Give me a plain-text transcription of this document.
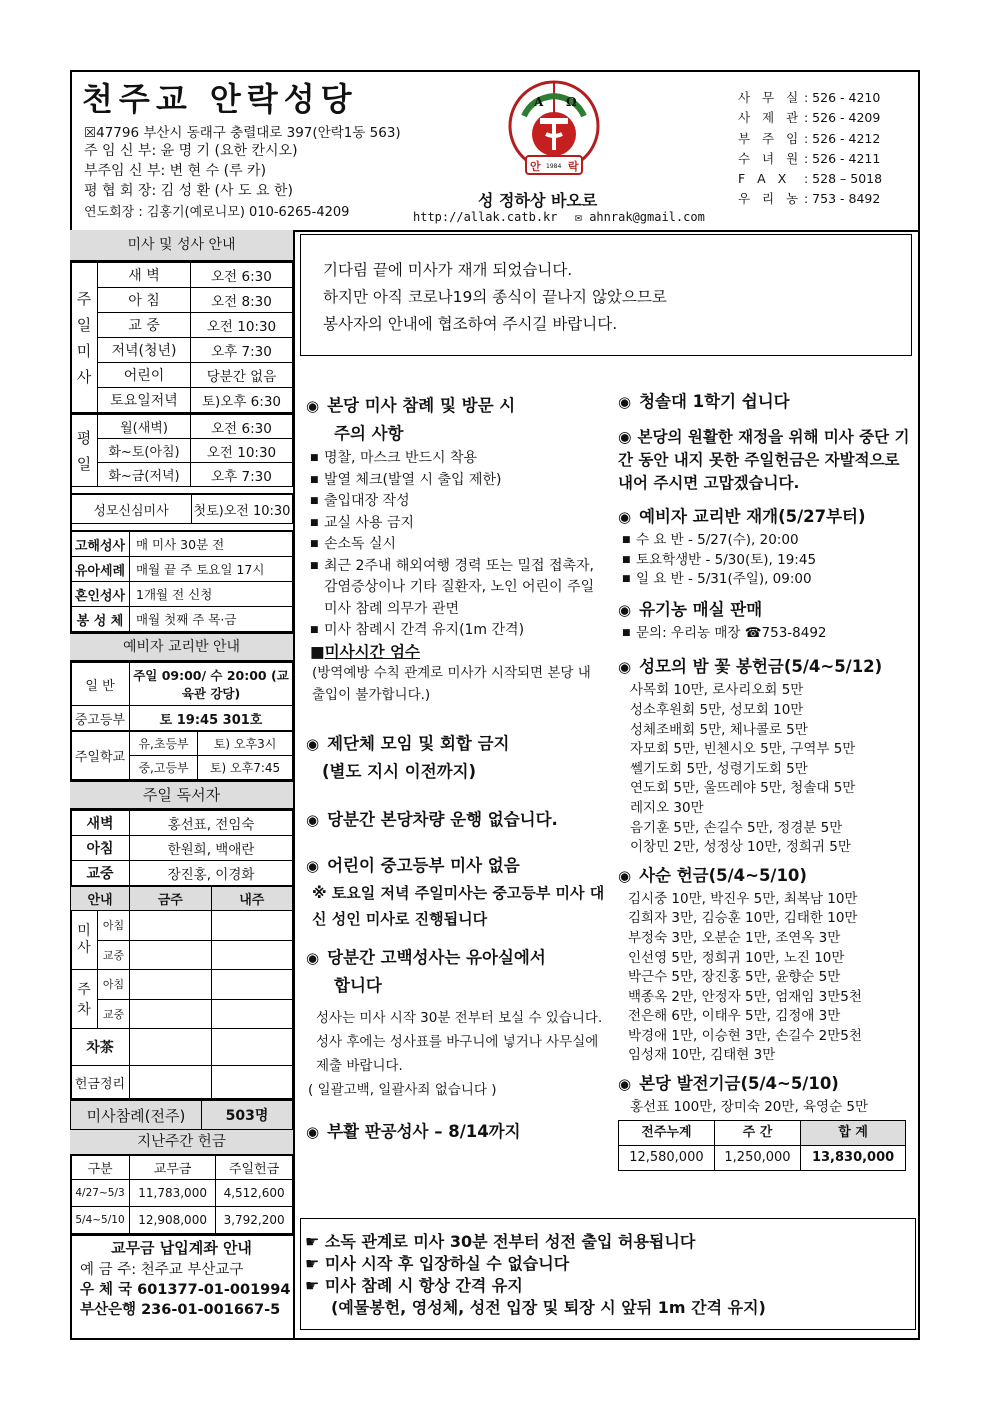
천주교 안락성당
☒47796 부산시 동래구 충렬대로 397(안락1동 563)
주 임 신 부: 윤 명 기 (요한 칸시오)
부주임 신 부: 변 현 수 (루 카)
평 협 회 장: 김 성 환 (사 도 요 한)
연도회장 : 김홍기(예로니모) 010-6265-4209
A Ω
안 락
1984
성 정하상 바오로
http://allak.catb.kr ✉ ahnrak@gmail.com
사 무 실 : 526 - 4210
사 제 관 : 526 - 4209
부 주 임 : 526 - 4212
수 녀 원 : 526 - 4211
F A X	: 528 – 5018
우 리 농 : 753 - 8492
미사 및 성사 안내
주
일
미
사	새 벽	오전 6:30
	아 침	오전 8:30
	교 중	오전 10:30
	저녁(청년)	오후 7:30
	어린이	당분간 없음
	토요일저녁	토)오후 6:30
평
일	월(새벽)	오전 6:30
	화~토(아침)	오전 10:30
	화~금(저녁)	오후 7:30
성모신심미사	첫토)오전 10:30
고해성사	매 미사 30분 전
유아세례	매월 끝 주 토요일 17시
혼인성사	1개월 전 신청
봉 성 체	매월 첫째 주 목·금
예비자 교리반 안내
일 반	주일 09:00/ 수 20:00 (교육관 강당)
중고등부	토 19:45 301호
주일학교	유,초등부	토) 오후3시
	중,고등부	토) 오후7:45
주일 독서자
새벽	홍선표, 전임숙
아침	한원희, 백애란
교중	장진홍, 이경화
안내	금주	내주

미사
아침
교중		

주차
아침
교중		

차茶		
헌금정리		
미사참례(전주)	503명
지난주간 헌금
구분	교무금	주일헌금
4/27~5/3	11,783,000	4,512,600
5/4~5/10	12,908,000	3,792,200
교무금 납입계좌 안내
예 금 주: 천주교 부산교구
우 체 국 601377-01-001994
부산은행 236-01-001667-5
기다림 끝에 미사가 재개 되었습니다.
하지만 아직 코로나19의 종식이 끝나지 않았으므로
봉사자의 안내에 협조하여 주시길 바랍니다.
◉ 본당 미사 참례 및 방문 시
주의 사항
■ 명찰, 마스크 반드시 착용
■ 발열 체크(발열 시 출입 제한)
■ 출입대장 작성
■ 교실 사용 금지
■ 손소독 실시
■ 최근 2주내 해외여행 경력 또는 밀접 접촉자, 감염증상이나 기타 질환자, 노인 어린이 주일미사 참례 의무가 관면
■ 미사 참례시 간격 유지(1m 간격)
■미사시간 엄수
(방역예방 수칙 관계로 미사가 시작되면 본당 내 출입이 불가합니다.)
◉ 제단체 모임 및 회합 금지
(별도 지시 이전까지)
◉ 당분간 본당차량 운행 없습니다.
◉ 어린이 중고등부 미사 없음
※ 토요일 저녁 주일미사는 중고등부 미사 대신 성인 미사로 진행됩니다
◉ 당분간 고백성사는 유아실에서
합니다
성사는 미사 시작 30분 전부터 보실 수 있습니다. 성사 후에는 성사표를 바구니에 넣거나 사무실에 제출 바랍니다.
( 일괄고백, 일괄사죄 없습니다 )
◉ 부활 판공성사 – 8/14까지
◉ 청솔대 1학기 쉽니다
◉ 본당의 원활한 재정을 위해 미사 중단 기간 동안 내지 못한 주일헌금은 자발적으로 내어 주시면 고맙겠습니다.
◉ 예비자 교리반 재개(5/27부터)
■ 수 요 반 - 5/27(수), 20:00
■ 토요학생반 - 5/30(토), 19:45
■ 일 요 반 - 5/31(주일), 09:00
◉ 유기농 매실 판매
■ 문의: 우리농 매장 ☎753-8492
◉ 성모의 밤 꽃 봉헌금(5/4~5/12)
사목회 10만, 로사리오회 5만
성소후원회 5만, 성모회 10만
성체조배회 5만, 체나콜로 5만
자모회 5만, 빈첸시오 5만, 구역부 5만
쎌기도회 5만, 성령기도회 5만
연도회 5만, 울뜨레야 5만, 청솔대 5만
레지오 30만
음기훈 5만, 손길수 5만, 정경분 5만
이창민 2만, 성정상 10만, 정희귀 5만
◉ 사순 헌금(5/4~5/10)
김시중 10만, 박진우 5만, 최복남 10만
김희자 3만, 김승훈 10만, 김태한 10만
부정숙 3만, 오분순 1만, 조연옥 3만
인선영 5만, 정희귀 10만, 노진 10만
박근수 5만, 장진홍 5만, 윤향순 5만
백종옥 2만, 안정자 5만, 엄재임 3만5천
전은해 6만, 이태우 5만, 김정애 3만
박경애 1만, 이승현 3만, 손길수 2만5천
임성재 10만, 김태현 3만
◉ 본당 발전기금(5/4~5/10)
홍선표 100만, 장미숙 20만, 육영순 5만
전주누계	주 간	합 계
12,580,000	1,250,000	13,830,000
☛ 소독 관계로 미사 30분 전부터 성전 출입 허용됩니다
☛ 미사 시작 후 입장하실 수 없습니다
☛ 미사 참례 시 항상 간격 유지
(예물봉헌, 영성체, 성전 입장 및 퇴장 시 앞뒤 1m 간격 유지)
